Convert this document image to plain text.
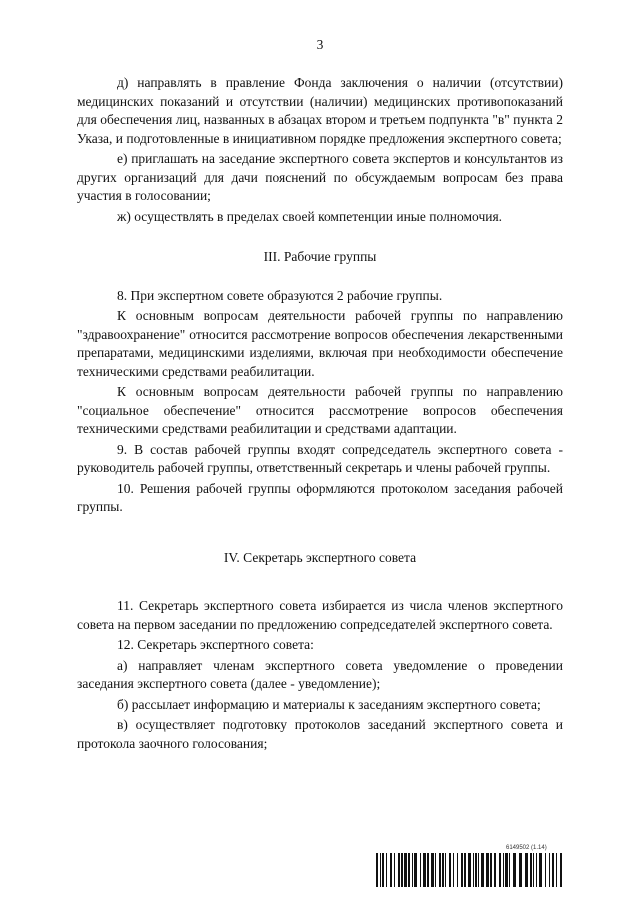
3

д) направлять в правление Фонда заключения о наличии (отсутствии) медицинских показаний и отсутствии (наличии) медицинских противопоказаний для обеспечения лиц, названных в абзацах втором и третьем подпункта "в" пункта 2 Указа, и подготовленные в инициативном порядке предложения экспертного совета;

е) приглашать на заседание экспертного совета экспертов и консультантов из других организаций для дачи пояснений по обсуждаемым вопросам без права участия в голосовании;

ж) осуществлять в пределах своей компетенции иные полномочия.

III. Рабочие группы

8. При экспертном совете образуются 2 рабочие группы.

К основным вопросам деятельности рабочей группы по направлению "здравоохранение" относится рассмотрение вопросов обеспечения лекарственными препаратами, медицинскими изделиями, включая при необходимости обеспечение техническими средствами реабилитации.

К основным вопросам деятельности рабочей группы по направлению "социальное обеспечение" относится рассмотрение вопросов обеспечения техническими средствами реабилитации и средствами адаптации.

9. В состав рабочей группы входят сопредседатель экспертного совета - руководитель рабочей группы, ответственный секретарь и члены рабочей группы.

10. Решения рабочей группы оформляются протоколом заседания рабочей группы.

IV. Секретарь экспертного совета

11. Секретарь экспертного совета избирается из числа членов экспертного совета на первом заседании по предложению сопредседателей экспертного совета.

12. Секретарь экспертного совета:

а) направляет членам экспертного совета уведомление о проведении заседания экспертного совета (далее - уведомление);

б) рассылает информацию и материалы к заседаниям экспертного совета;

в) осуществляет подготовку протоколов заседаний экспертного совета и протокола заочного голосования;

6149502 (1.14)
